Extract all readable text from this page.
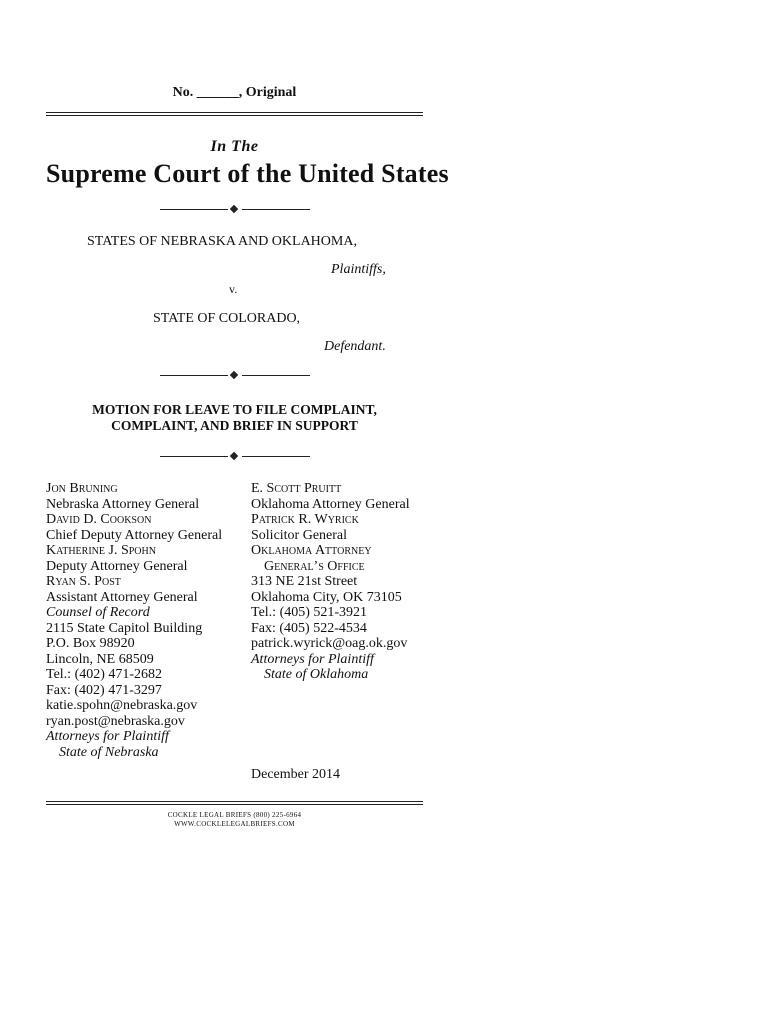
No. ______, Original
In The
Supreme Court of the United States
STATES OF NEBRASKA AND OKLAHOMA,
Plaintiffs,
v.
STATE OF COLORADO,
Defendant.
MOTION FOR LEAVE TO FILE COMPLAINT,
COMPLAINT, AND BRIEF IN SUPPORT
Jon Bruning
Nebraska Attorney General
David D. Cookson
Chief Deputy Attorney General
Katherine J. Spohn
Deputy Attorney General
Ryan S. Post
Assistant Attorney General
Counsel of Record
2115 State Capitol Building
P.O. Box 98920
Lincoln, NE 68509
Tel.: (402) 471-2682
Fax: (402) 471-3297
katie.spohn@nebraska.gov
ryan.post@nebraska.gov
Attorneys for Plaintiff
State of Nebraska
E. Scott Pruitt
Oklahoma Attorney General
Patrick R. Wyrick
Solicitor General
Oklahoma Attorney
General’s Office
313 NE 21st Street
Oklahoma City, OK 73105
Tel.: (405) 521-3921
Fax: (405) 522-4534
patrick.wyrick@oag.ok.gov
Attorneys for Plaintiff
State of Oklahoma
December 2014
COCKLE LEGAL BRIEFS (800) 225-6964
WWW.COCKLELEGALBRIEFS.COM
